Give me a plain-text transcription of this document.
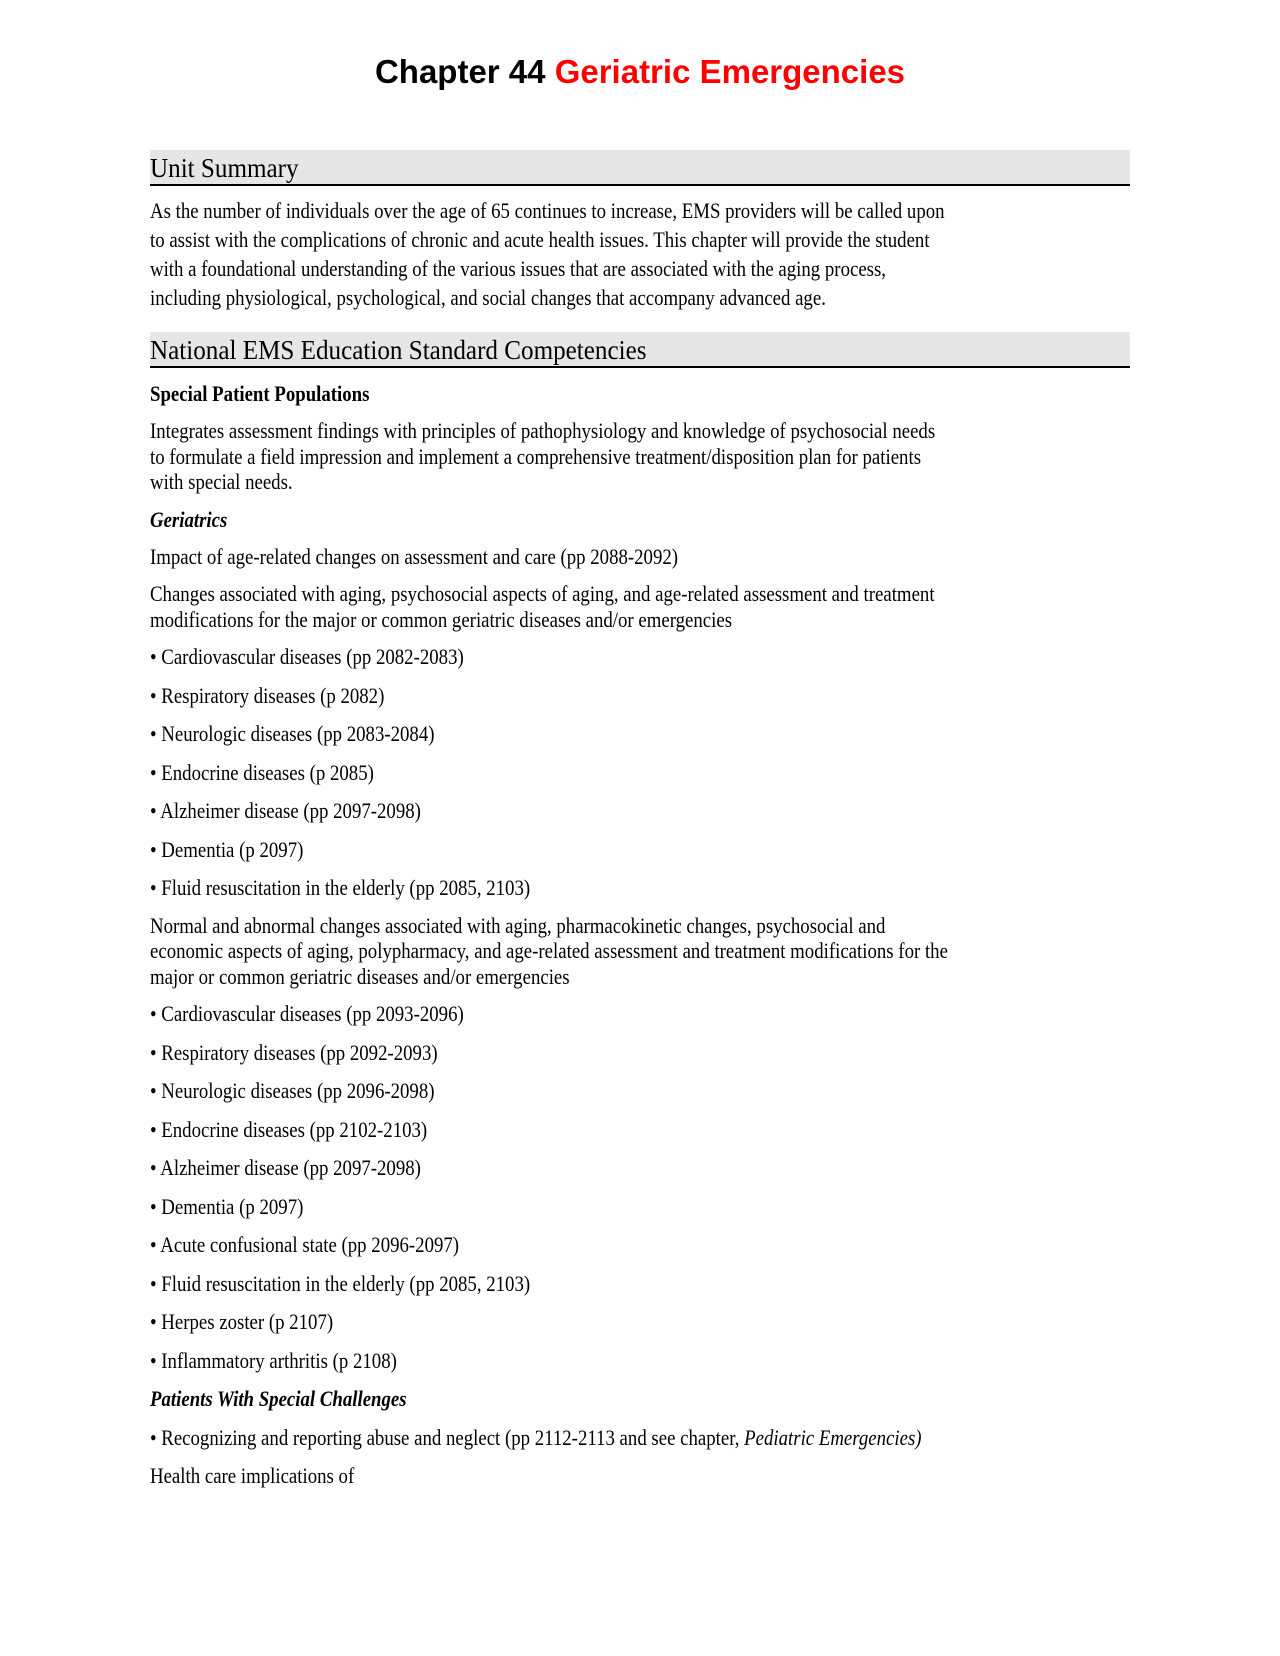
Chapter 44 Geriatric Emergencies
Unit Summary
As the number of individuals over the age of 65 continues to increase, EMS providers will be called upon
to assist with the complications of chronic and acute health issues. This chapter will provide the student
with a foundational understanding of the various issues that are associated with the aging process,
including physiological, psychological, and social changes that accompany advanced age.
National EMS Education Standard Competencies
Special Patient Populations
Integrates assessment findings with principles of pathophysiology and knowledge of psychosocial needs
to formulate a field impression and implement a comprehensive treatment/disposition plan for patients
with special needs.
Geriatrics
Impact of age-related changes on assessment and care (pp 2088-2092)
Changes associated with aging, psychosocial aspects of aging, and age-related assessment and treatment
modifications for the major or common geriatric diseases and/or emergencies
• Cardiovascular diseases (pp 2082-2083)
• Respiratory diseases (p 2082)
• Neurologic diseases (pp 2083-2084)
• Endocrine diseases (p 2085)
• Alzheimer disease (pp 2097-2098)
• Dementia (p 2097)
• Fluid resuscitation in the elderly (pp 2085, 2103)
Normal and abnormal changes associated with aging, pharmacokinetic changes, psychosocial and
economic aspects of aging, polypharmacy, and age-related assessment and treatment modifications for the
major or common geriatric diseases and/or emergencies
• Cardiovascular diseases (pp 2093-2096)
• Respiratory diseases (pp 2092-2093)
• Neurologic diseases (pp 2096-2098)
• Endocrine diseases (pp 2102-2103)
• Alzheimer disease (pp 2097-2098)
• Dementia (p 2097)
• Acute confusional state (pp 2096-2097)
• Fluid resuscitation in the elderly (pp 2085, 2103)
• Herpes zoster (p 2107)
• Inflammatory arthritis (p 2108)
Patients With Special Challenges
• Recognizing and reporting abuse and neglect (pp 2112-2113 and see chapter, Pediatric Emergencies)
Health care implications of
